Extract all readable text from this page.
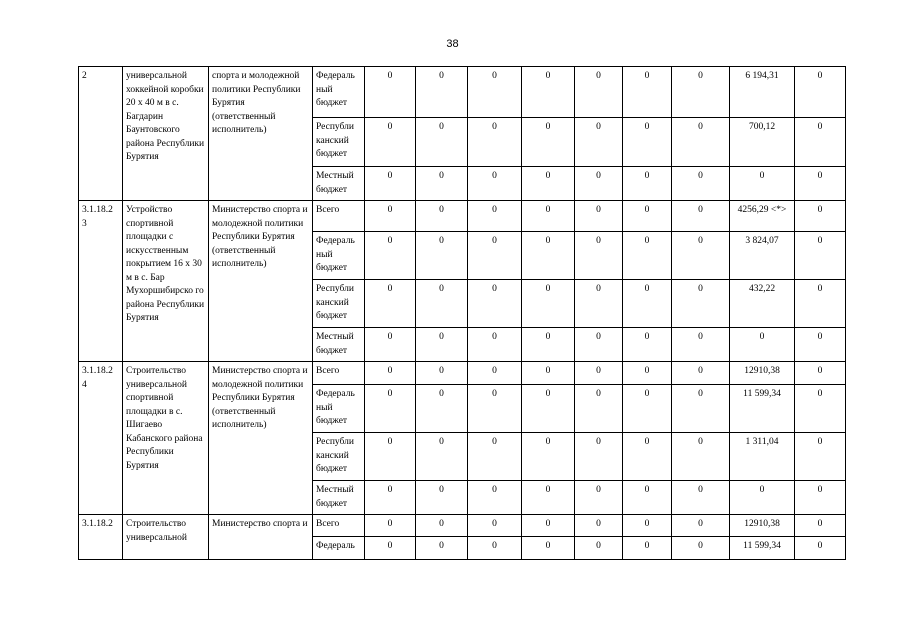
38
2	универсальной хоккейной коробки 20 х 40 м в с. Багдарин Баунтовского района Республики Бурятия	спорта и молодежной политики Республики Бурятия (ответственный исполнитель)	Федераль ный бюджет	0	0	0	0	0	0	0	6 194,31	0
			Республи канский бюджет	0	0	0	0	0	0	0	700,12	0
			Местный бюджет	0	0	0	0	0	0	0	0	0
3.1.18.2 3	Устройство спортивной площадки с искусственным покрытием 16 х 30 м в с. Бар Мухоршибирско го района Республики Бурятия	Министерство спорта и молодежной политики Республики Бурятия (ответственный исполнитель)	Всего	0	0	0	0	0	0	0	4256,29 <*>	0
			Федераль ный бюджет	0	0	0	0	0	0	0	3 824,07	0
			Республи канский бюджет	0	0	0	0	0	0	0	432,22	0
			Местный бюджет	0	0	0	0	0	0	0	0	0
3.1.18.2 4	Строительство универсальной спортивной площадки в с. Шигаево Кабанского района Республики Бурятия	Министерство спорта и молодежной политики Республики Бурятия (ответственный исполнитель)	Всего	0	0	0	0	0	0	0	12910,38	0
			Федераль ный бюджет	0	0	0	0	0	0	0	11 599,34	0
			Республи канский бюджет	0	0	0	0	0	0	0	1 311,04	0
			Местный бюджет	0	0	0	0	0	0	0	0	0
3.1.18.2	Строительство универсальной	Министерство спорта и	Всего	0	0	0	0	0	0	0	12910,38	0
			Федераль	0	0	0	0	0	0	0	11 599,34	0
